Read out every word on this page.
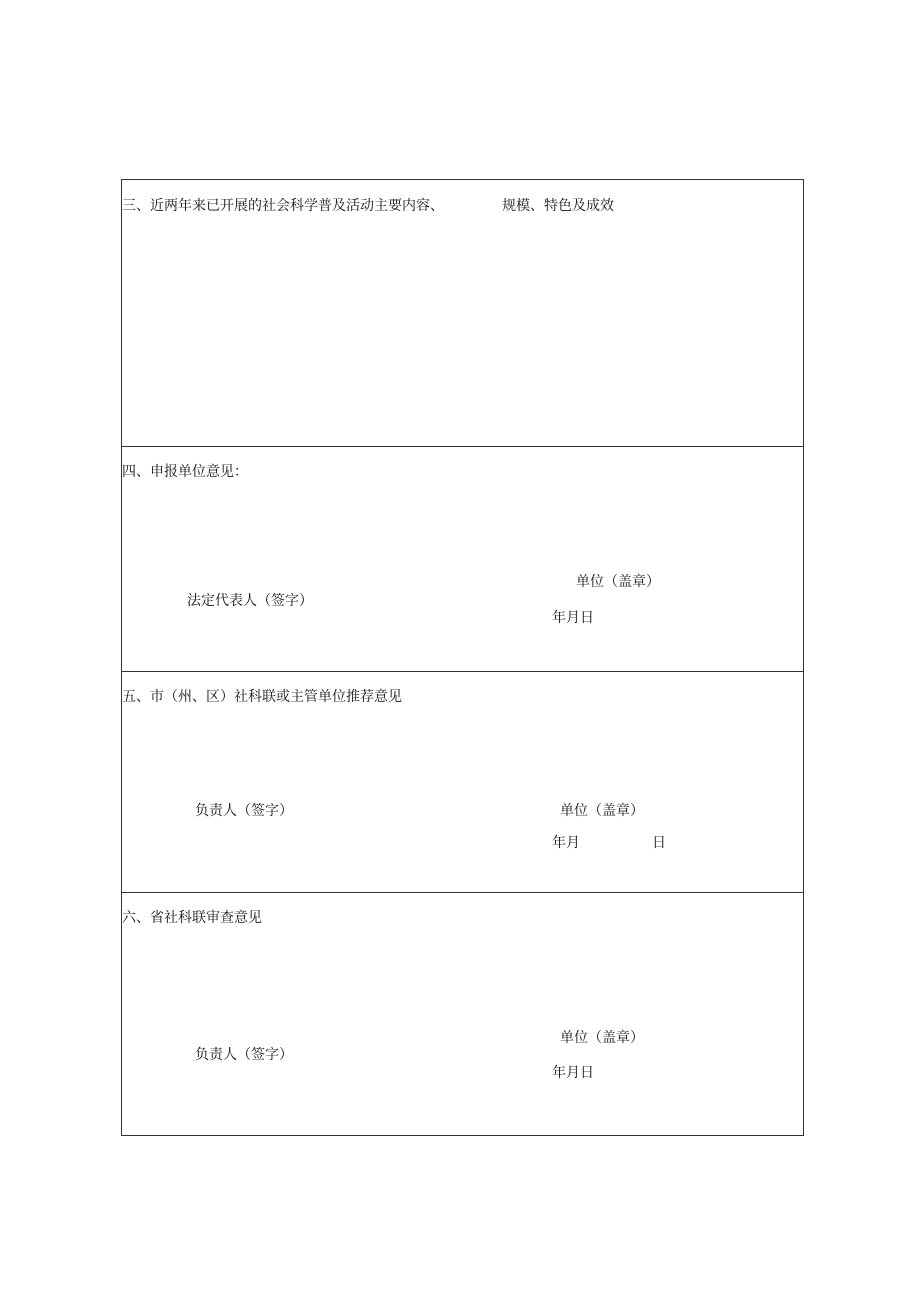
三、近两年来已开展的社会科学普及活动主要内容、	规模、特色及成效
四、申报单位意见：
法定代表人（签字）
单位（盖章）
年月日
五、市（州、区）社科联或主管单位推荐意见
负责人（签字）	单位（盖章）
年月	日
六、省社科联审查意见
负责人（签字）
单位（盖章）
年月日
